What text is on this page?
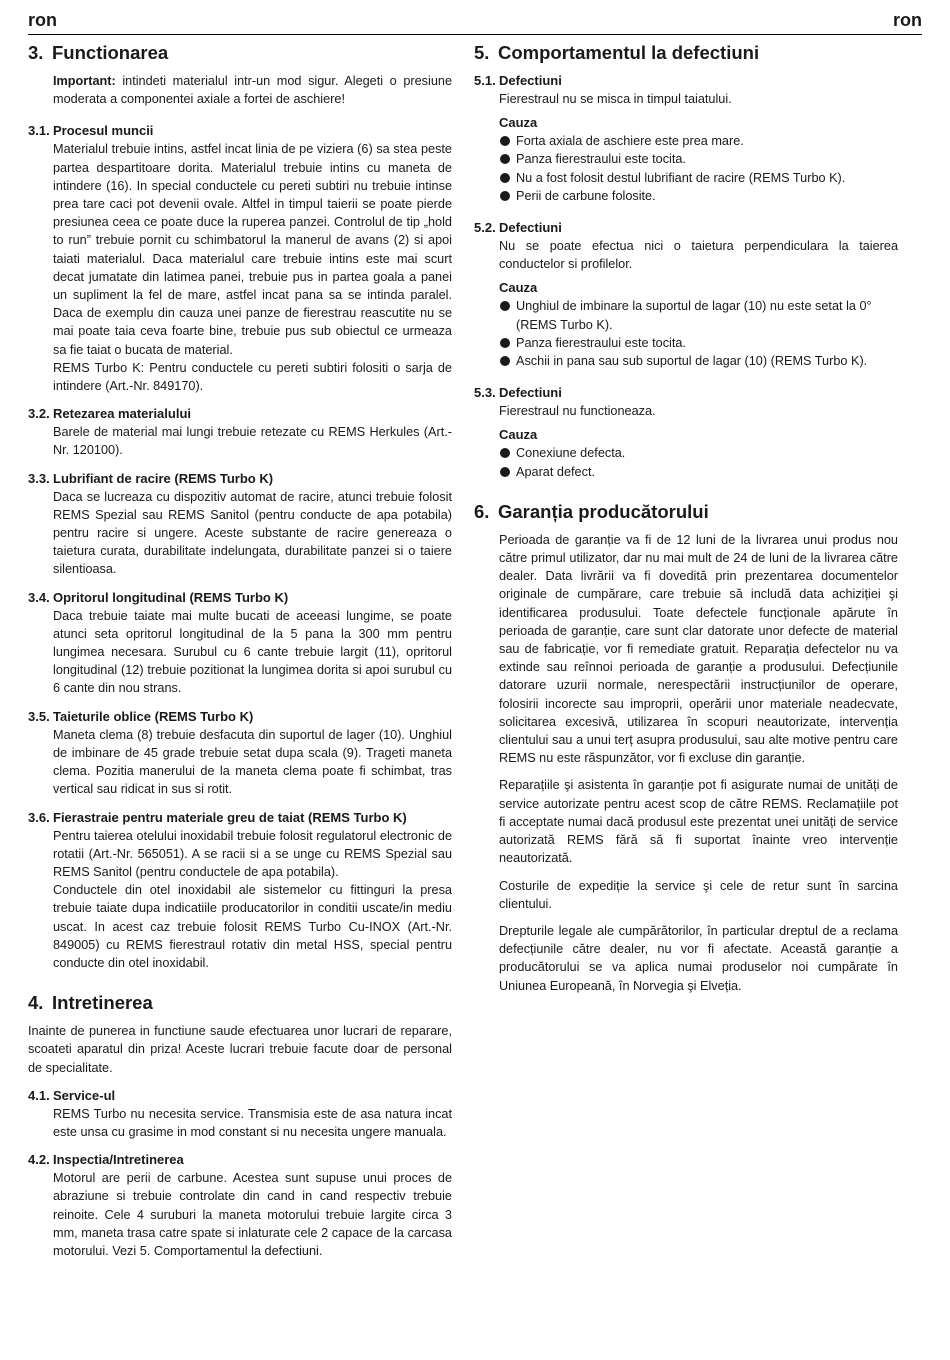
ron	ron
3. Functionarea

Important: intindeti materialul intr-un mod sigur. Alegeti o presiune moderata a componentei axiale a fortei de aschiere!

3.1. Procesul muncii

Materialul trebuie intins, astfel incat linia de pe viziera (6) sa stea peste partea despartitoare dorita. Materialul trebuie intins cu maneta de intindere (16). In special conductele cu pereti subtiri nu trebuie intinse prea tare caci pot devenii ovale. Altfel in timpul taierii se poate pierde presiunea ceea ce poate duce la ruperea panzei. Controlul de tip „hold to run” trebuie pornit cu schimbatorul la manerul de avans (2) si apoi taiati materialul. Daca materialul care trebuie intins este mai scurt decat jumatate din latimea panei, trebuie pus in partea goala a panei un supliment la fel de mare, astfel incat pana sa se intinda paralel. Daca de exemplu din cauza unei panze de fierestrau reascutite nu se mai poate taia ceva foarte bine, trebuie pus sub obiectul ce urmeaza sa fie taiat o bucata de material.

REMS Turbo K: Pentru conductele cu pereti subtiri folositi o sarja de intindere (Art.-Nr. 849170).

3.2. Retezarea materialului

Barele de material mai lungi trebuie retezate cu REMS Herkules (Art.-Nr. 120100).

3.3. Lubrifiant de racire (REMS Turbo K)

Daca se lucreaza cu dispozitiv automat de racire, atunci trebuie folosit REMS Spezial sau REMS Sanitol (pentru conducte de apa potabila) pentru racire si ungere. Aceste substante de racire genereaza o taietura curata, durabilitate indelungata, durabilitate panzei si o taiere silentioasa.

3.4. Opritorul longitudinal (REMS Turbo K)

Daca trebuie taiate mai multe bucati de aceeasi lungime, se poate atunci seta opritorul longitudinal de la 5 pana la 300 mm pentru lungimea necesara. Surubul cu 6 cante trebuie largit (11), opritorul longitudinal (12) trebuie pozitionat la lungimea dorita si apoi surubul cu 6 cante din nou strans.

3.5. Taieturile oblice (REMS Turbo K)

Maneta clema (8) trebuie desfacuta din suportul de lager (10). Unghiul de imbinare de 45 grade trebuie setat dupa scala (9). Trageti maneta clema. Pozitia manerului de la maneta clema poate fi schimbat, tras vertical sau ridicat in sus si rotit.

3.6. Fierastraie pentru materiale greu de taiat (REMS Turbo K)

Pentru taierea otelului inoxidabil trebuie folosit regulatorul electronic de rotatii (Art.-Nr. 565051). A se racii si a se unge cu REMS Spezial sau REMS Sanitol (pentru conductele de apa potabila).

Conductele din otel inoxidabil ale sistemelor cu fittinguri la presa trebuie taiate dupa indicatiile producatorilor in conditii uscate/in mediu uscat. In acest caz trebuie folosit REMS Turbo Cu-INOX (Art.-Nr. 849005) cu REMS fierestraul rotativ din metal HSS, special pentru conducte din otel inoxidabil.

4. Intretinerea

Inainte de punerea in functiune saude efectuarea unor lucrari de reparare, scoateti aparatul din priza! Aceste lucrari trebuie facute doar de personal de specialitate.

4.1. Service-ul

REMS Turbo nu necesita service. Transmisia este de asa natura incat este unsa cu grasime in mod constant si nu necesita ungere manuala.

4.2. Inspectia/Intretinerea

Motorul are perii de carbune. Acestea sunt supuse unui proces de abraziune si trebuie controlate din cand in cand respectiv trebuie reinoite. Cele 4 suruburi la maneta motorului trebuie largite circa 3 mm, maneta trasa catre spate si inlaturate cele 2 capace de la carcasa motorului. Vezi 5. Comportamentul la defectiuni.

5. Comportamentul la defectiuni
5.1. Defectiuni

Fierestraul nu se misca in timpul taiatului.

Cauza
Forta axiala de aschiere este prea mare.
Panza fierestraului este tocita.
Nu a fost folosit destul lubrifiant de racire (REMS Turbo K).
Perii de carbune folosite.
5.2. Defectiuni

Nu se poate efectua nici o taietura perpendiculara la taierea conductelor si profilelor.

Cauza
Unghiul de imbinare la suportul de lagar (10) nu este setat la 0° (REMS Turbo K).
Panza fierestraului este tocita.
Aschii in pana sau sub suportul de lagar (10) (REMS Turbo K).
5.3. Defectiuni

Fierestraul nu functioneaza.

Cauza
Conexiune defecta.
Aparat defect.
6. Garanția producătorului

Perioada de garanție va fi de 12 luni de la livrarea unui produs nou către primul utilizator, dar nu mai mult de 24 de luni de la livrarea către dealer. Data livrării va fi dovedită prin prezentarea documentelor originale de cumpărare, care trebuie să includă data achiziției şi identificarea produsului. Toate defectele funcționale apărute în perioada de garanție, care sunt clar datorate unor defecte de material sau de fabricație, vor fi remediate gratuit. Reparația defectelor nu va extinde sau reînnoi perioada de garanție a produsului. Defecțiunile datorare uzurii normale, nerespectării instrucțiunilor de operare, folosirii incorecte sau improprii, operării unor materiale neadecvate, solicitarea excesivă, utilizarea în scopuri neautorizate, intervenția clientului sau a unui terț asupra produsului, sau alte motive pentru care REMS nu este răspunzător, vor fi excluse din garanție.

Reparațiile şi asistenta în garanție pot fi asigurate numai de unități de service autorizate pentru acest scop de către REMS. Reclamațiile pot fi acceptate numai dacă produsul este prezentat unei unități de service autorizată REMS fără să fi suportat înainte vreo intervenție neautorizată.

Costurile de expediție la service şi cele de retur sunt în sarcina clientului.

Drepturile legale ale cumpărătorilor, în particular dreptul de a reclama defecțiunile către dealer, nu vor fi afectate. Această garanție a producătorului se va aplica numai produselor noi cumpărate în Uniunea Europeană, în Norvegia şi Elveția.
